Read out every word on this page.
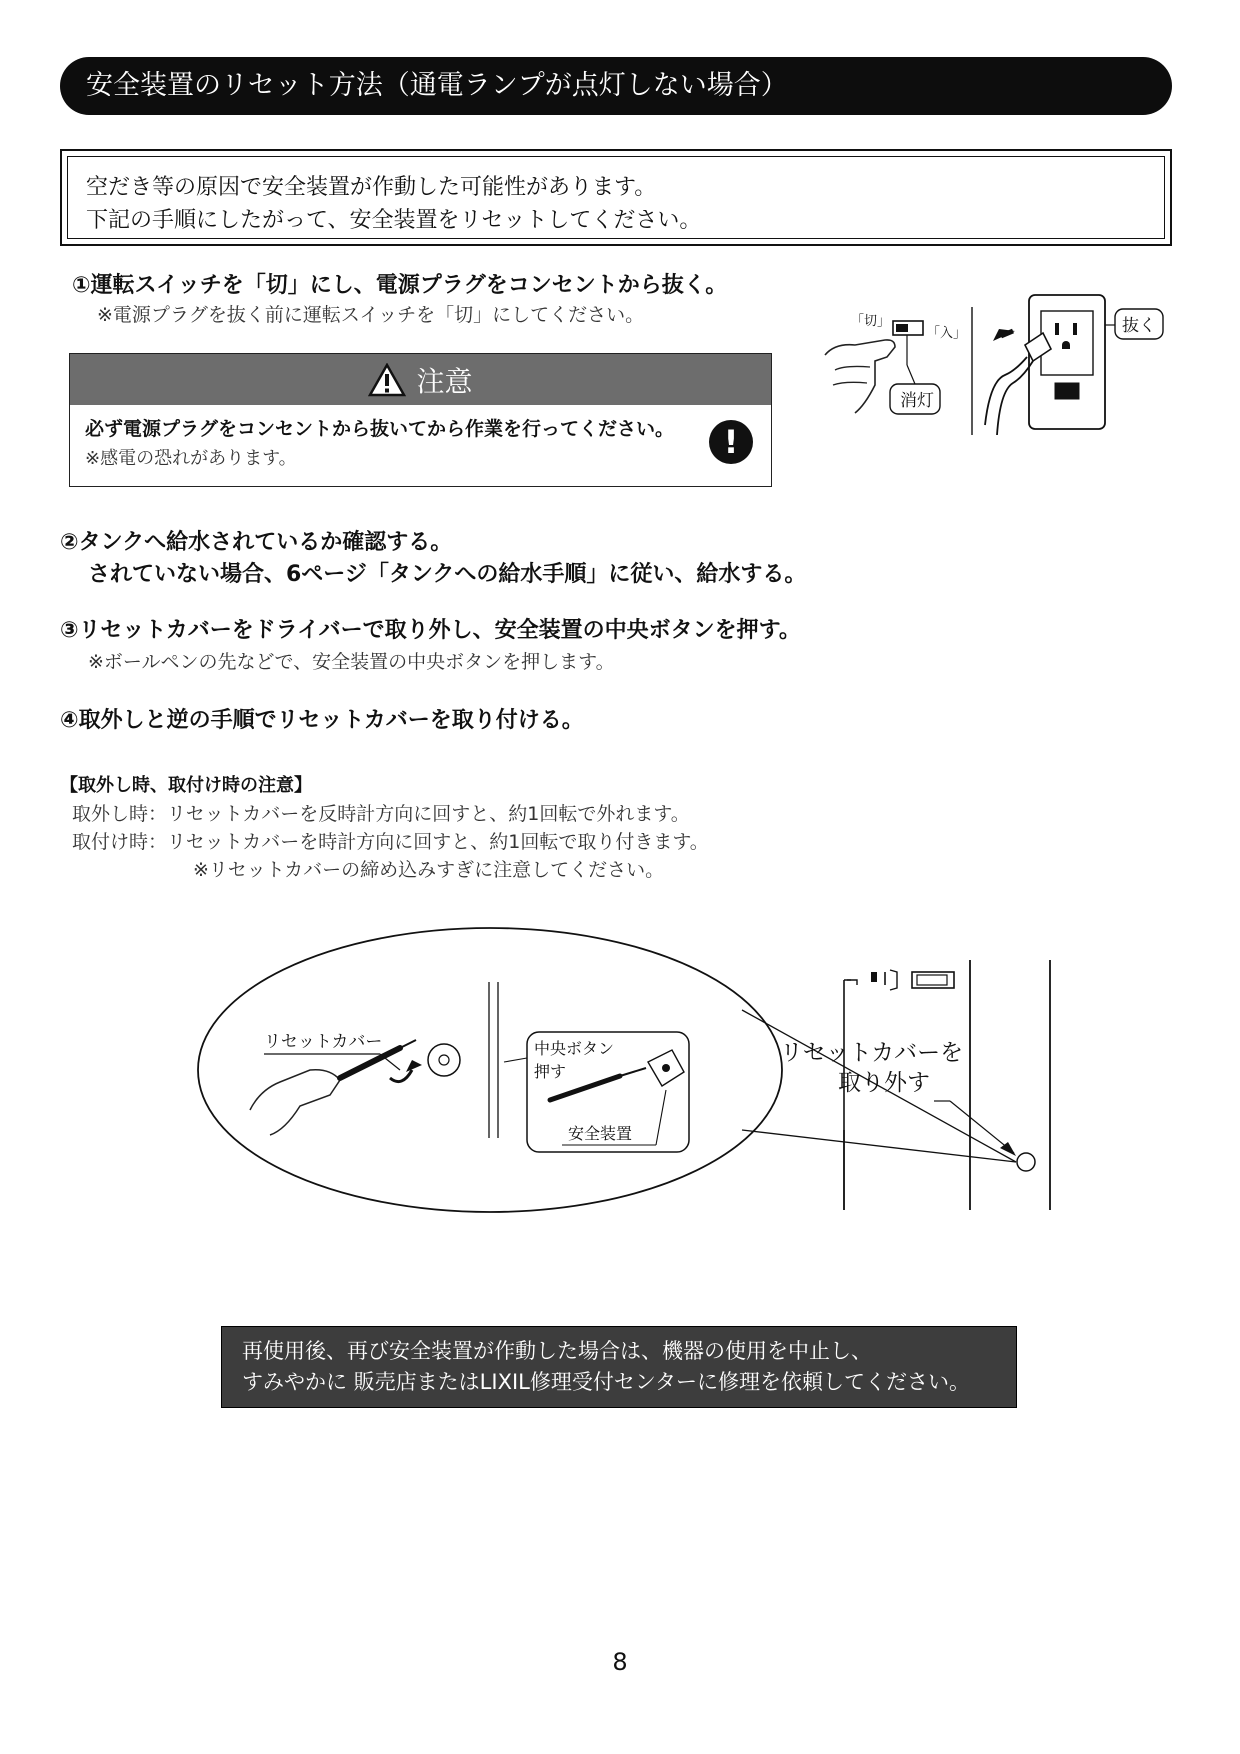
安全装置のリセット方法（通電ランプが点灯しない場合）
空だき等の原因で安全装置が作動した可能性があります。
下記の手順にしたがって、安全装置をリセットしてください。
①運転スイッチを「切」にし、電源プラグをコンセントから抜く。
※電源プラグを抜く前に運転スイッチを「切」にしてください。
注意
必ず電源プラグをコンセントから抜いてから作業を行ってください。
※感電の恐れがあります。	!
「切」
「入」
消灯
抜く
②タンクへ給水されているか確認する。
されていない場合、6ページ「タンクへの給水手順」に従い、給水する。
③リセットカバーをドライバーで取り外し、安全装置の中央ボタンを押す。
※ボールペンの先などで、安全装置の中央ボタンを押します。
④取外しと逆の手順でリセットカバーを取り付ける。
【取外し時、取付け時の注意】
取外し時：リセットカバーを反時計方向に回すと、約1回転で外れます。
取付け時：リセットカバーを時計方向に回すと、約1回転で取り付きます。
※リセットカバーの締め込みすぎに注意してください。
リセットカバー	中央ボタン
押す
安全装置
リセットカバーを
取り外す
再使用後、再び安全装置が作動した場合は、機器の使用を中止し、
すみやかに 販売店またはLIXIL修理受付センターに修理を依頼してください。
8
